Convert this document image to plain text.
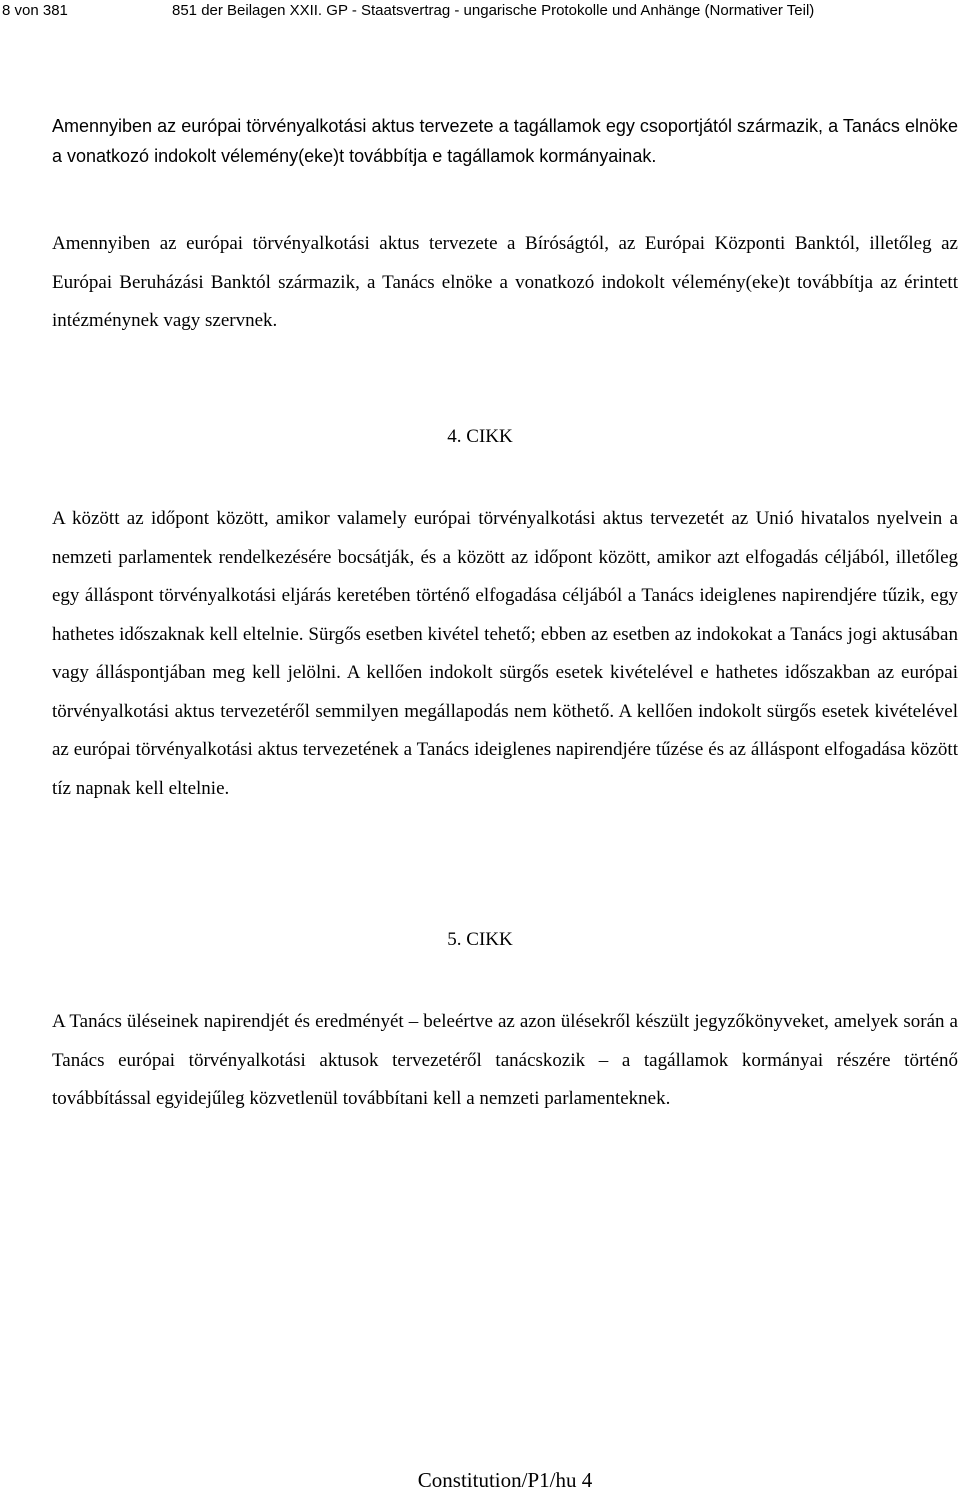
8 von 381	851 der Beilagen XXII. GP - Staatsvertrag - ungarische Protokolle und Anhänge (Normativer Teil)

Amennyiben az európai törvényalkotási aktus tervezete a tagállamok egy csoportjától származik, a Tanács elnöke a vonatkozó indokolt vélemény(eke)t továbbítja e tagállamok kormányainak.

Amennyiben az európai törvényalkotási aktus tervezete a Bíróságtól, az Európai Központi Banktól, illetőleg az Európai Beruházási Banktól származik, a Tanács elnöke a vonatkozó indokolt vélemény(eke)t továbbítja az érintett intézménynek vagy szervnek.

4. CIKK

A között az időpont között, amikor valamely európai törvényalkotási aktus tervezetét az Unió hivatalos nyelvein a nemzeti parlamentek rendelkezésére bocsátják, és a között az időpont között, amikor azt elfogadás céljából, illetőleg egy álláspont törvényalkotási eljárás keretében történő elfogadása céljából a Tanács ideiglenes napirendjére tűzik, egy hathetes időszaknak kell eltelnie. Sürgős esetben kivétel tehető; ebben az esetben az indokokat a Tanács jogi aktusában vagy álláspontjában meg kell jelölni. A kellően indokolt sürgős esetek kivételével e hathetes időszakban az európai törvényalkotási aktus tervezetéről semmilyen megállapodás nem köthető. A kellően indokolt sürgős esetek kivételével az európai törvényalkotási aktus tervezetének a Tanács ideiglenes napirendjére tűzése és az álláspont elfogadása között tíz napnak kell eltelnie.

5. CIKK

A Tanács üléseinek napirendjét és eredményét – beleértve az azon ülésekről készült jegyzőkönyveket, amelyek során a Tanács európai törvényalkotási aktusok tervezetéről tanácskozik – a tagállamok kormányai részére történő továbbítással egyidejűleg közvetlenül továbbítani kell a nemzeti parlamenteknek.

Constitution/P1/hu 4
